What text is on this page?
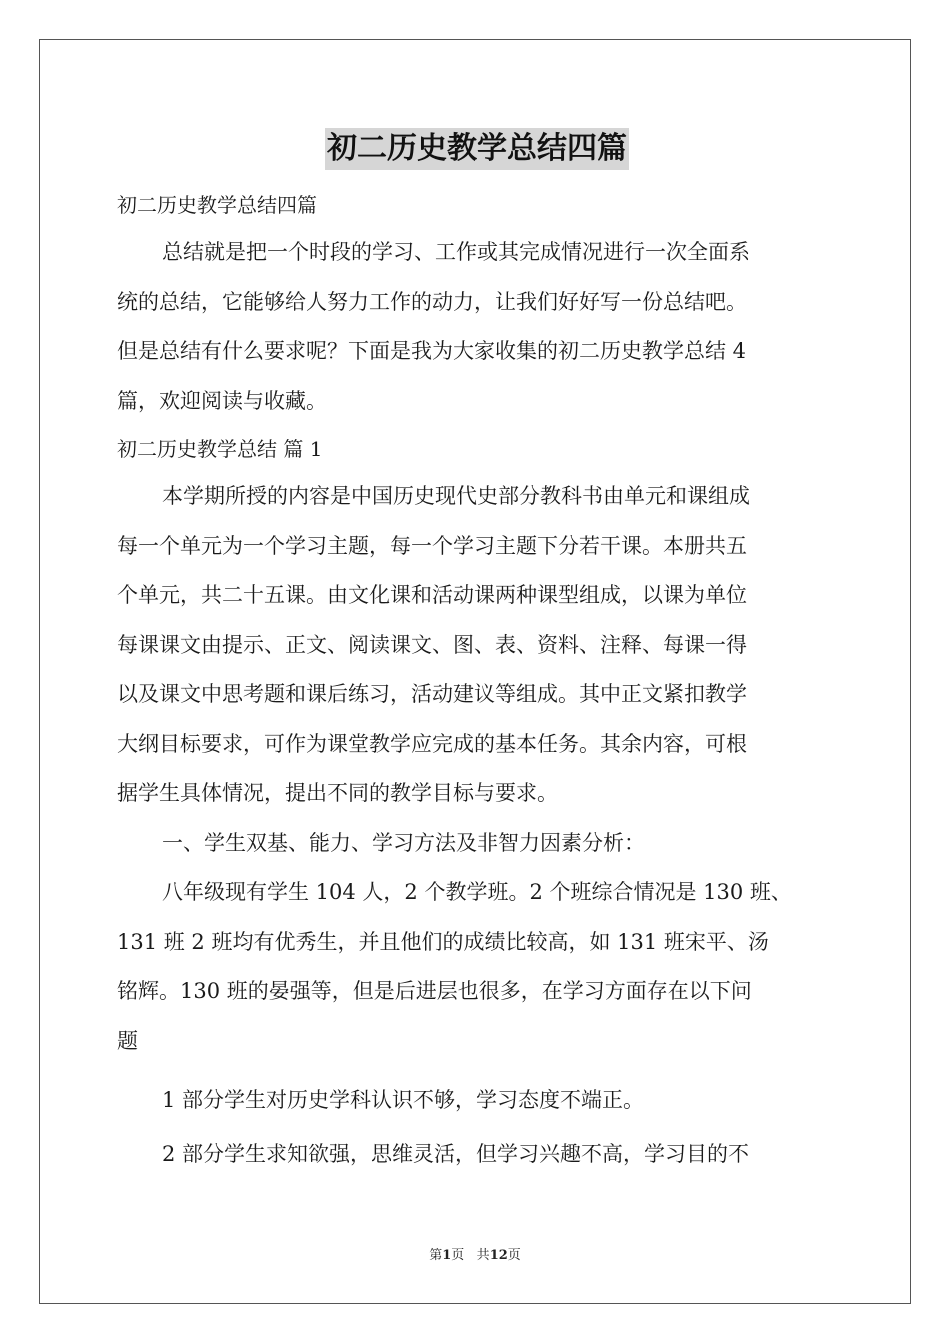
初二历史教学总结四篇
初二历史教学总结四篇
总结就是把一个时段的学习、工作或其完成情况进行一次全面系
统的总结，它能够给人努力工作的动力，让我们好好写一份总结吧。
但是总结有什么要求呢？下面是我为大家收集的初二历史教学总结 4
篇，欢迎阅读与收藏。
初二历史教学总结 篇 1
本学期所授的内容是中国历史现代史部分教科书由单元和课组成
每一个单元为一个学习主题，每一个学习主题下分若干课。本册共五
个单元，共二十五课。由文化课和活动课两种课型组成，以课为单位
每课课文由提示、正文、阅读课文、图、表、资料、注释、每课一得
以及课文中思考题和课后练习，活动建议等组成。其中正文紧扣教学
大纲目标要求，可作为课堂教学应完成的基本任务。其余内容，可根
据学生具体情况，提出不同的教学目标与要求。
一、学生双基、能力、学习方法及非智力因素分析：
八年级现有学生 104 人，2 个教学班。2 个班综合情况是 130 班、
131 班 2 班均有优秀生，并且他们的成绩比较高，如 131 班宋平、汤
铭辉。130 班的晏强等，但是后进层也很多，在学习方面存在以下问
题
1 部分学生对历史学科认识不够，学习态度不端正。
2 部分学生求知欲强，思维灵活，但学习兴趣不高，学习目的不
第1页 共12页
